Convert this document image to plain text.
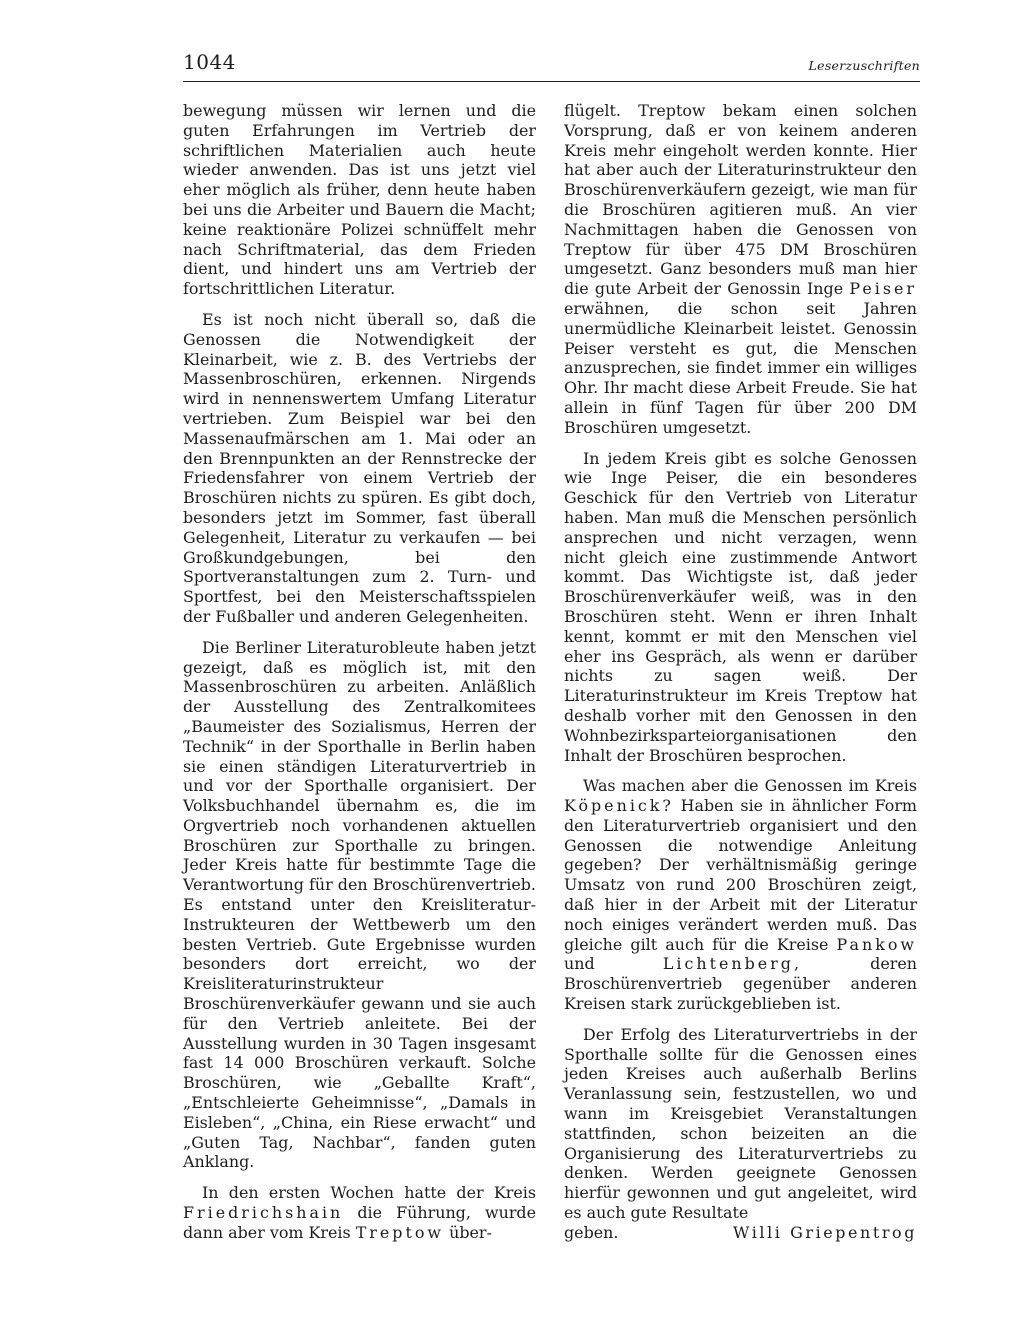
1044	Leserzuschriften

bewegung müssen wir lernen und die guten Erfahrungen im Vertrieb der schriftlichen Materialien auch heute wieder anwenden. Das ist uns jetzt viel eher möglich als früher, denn heute haben bei uns die Arbeiter und Bauern die Macht; keine reaktionäre Polizei schnüffelt mehr nach Schriftmaterial, das dem Frieden dient, und hindert uns am Vertrieb der fortschrittlichen Literatur.

Es ist noch nicht überall so, daß die Genossen die Notwendigkeit der Kleinarbeit, wie z. B. des Vertriebs der Massenbroschüren, erkennen. Nirgends wird in nennenswertem Umfang Literatur vertrieben. Zum Beispiel war bei den Massenaufmärschen am 1. Mai oder an den Brennpunkten an der Rennstrecke der Friedensfahrer von einem Vertrieb der Broschüren nichts zu spüren. Es gibt doch, besonders jetzt im Sommer, fast überall Gelegenheit, Literatur zu verkaufen — bei Großkundgebungen, bei den Sportveranstaltungen zum 2. Turn- und Sportfest, bei den Meisterschaftsspielen der Fußballer und anderen Gelegenheiten.

Die Berliner Literaturobleute haben jetzt gezeigt, daß es möglich ist, mit den Massenbroschüren zu arbeiten. Anläßlich der Ausstellung des Zentralkomitees „Baumeister des Sozialismus, Herren der Technik“ in der Sporthalle in Berlin haben sie einen ständigen Literaturvertrieb in und vor der Sporthalle organisiert. Der Volksbuchhandel übernahm es, die im Orgvertrieb noch vorhandenen aktuellen Broschüren zur Sporthalle zu bringen. Jeder Kreis hatte für bestimmte Tage die Verantwortung für den Broschürenvertrieb. Es entstand unter den Kreisliteratur-Instrukteuren der Wettbewerb um den besten Vertrieb. Gute Ergebnisse wurden besonders dort erreicht, wo der Kreisliteraturinstrukteur Broschürenverkäufer gewann und sie auch für den Vertrieb anleitete. Bei der Ausstellung wurden in 30 Tagen insgesamt fast 14 000 Broschüren verkauft. Solche Broschüren, wie „Geballte Kraft“, „Entschleierte Geheimnisse“, „Damals in Eisleben“, „China, ein Riese erwacht“ und „Guten Tag, Nachbar“, fanden guten Anklang.

In den ersten Wochen hatte der Kreis Friedrichshain die Führung, wurde dann aber vom Kreis Treptow über-

flügelt. Treptow bekam einen solchen Vorsprung, daß er von keinem anderen Kreis mehr eingeholt werden konnte. Hier hat aber auch der Literaturinstrukteur den Broschürenverkäufern gezeigt, wie man für die Broschüren agitieren muß. An vier Nachmittagen haben die Genossen von Treptow für über 475 DM Broschüren umgesetzt. Ganz besonders muß man hier die gute Arbeit der Genossin Inge Peiser erwähnen, die schon seit Jahren unermüdliche Kleinarbeit leistet. Genossin Peiser versteht es gut, die Menschen anzusprechen, sie findet immer ein williges Ohr. Ihr macht diese Arbeit Freude. Sie hat allein in fünf Tagen für über 200 DM Broschüren umgesetzt.

In jedem Kreis gibt es solche Genossen wie Inge Peiser, die ein besonderes Geschick für den Vertrieb von Literatur haben. Man muß die Menschen persönlich ansprechen und nicht verzagen, wenn nicht gleich eine zustimmende Antwort kommt. Das Wichtigste ist, daß jeder Broschürenverkäufer weiß, was in den Broschüren steht. Wenn er ihren Inhalt kennt, kommt er mit den Menschen viel eher ins Gespräch, als wenn er darüber nichts zu sagen weiß. Der Literaturinstrukteur im Kreis Treptow hat deshalb vorher mit den Genossen in den Wohnbezirksparteiorganisationen den Inhalt der Broschüren besprochen.

Was machen aber die Genossen im Kreis Köpenick? Haben sie in ähnlicher Form den Literaturvertrieb organisiert und den Genossen die notwendige Anleitung gegeben? Der verhältnismäßig geringe Umsatz von rund 200 Broschüren zeigt, daß hier in der Arbeit mit der Literatur noch einiges verändert werden muß. Das gleiche gilt auch für die Kreise Pankow und	Lichtenberg,	deren Broschürenvertrieb gegenüber anderen Kreisen stark zurückgeblieben ist.

Der Erfolg des Literaturvertriebs in der Sporthalle sollte für die Genossen eines jeden Kreises auch außerhalb Berlins Veranlassung sein, festzustellen, wo und wann im Kreisgebiet Veranstaltungen stattfinden, schon beizeiten an die Organisierung des Literaturvertriebs zu denken. Werden geeignete Genossen hierfür gewonnen und gut angeleitet, wird es auch gute Resultate

geben.	Willi Griepentrog
